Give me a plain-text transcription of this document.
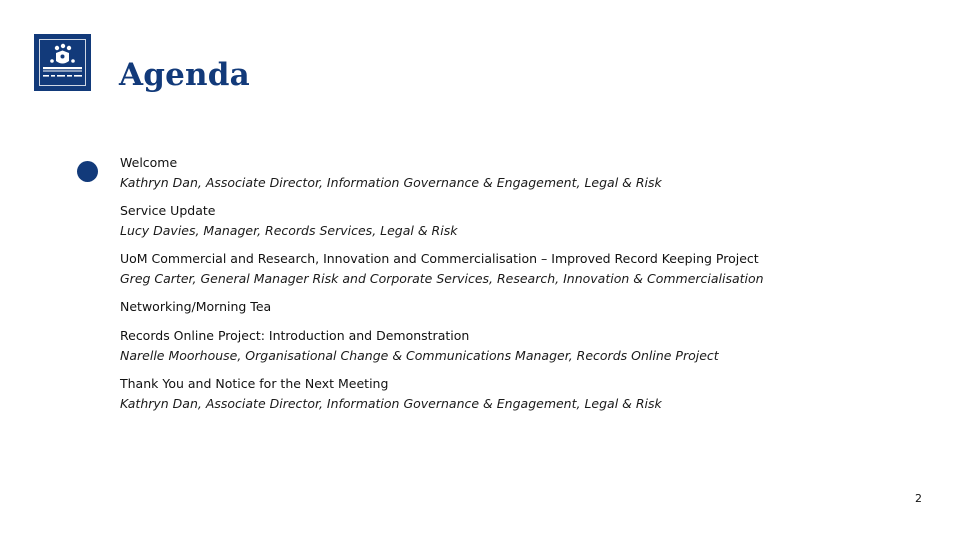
Agenda
Welcome
Kathryn Dan, Associate Director, Information Governance & Engagement, Legal & Risk
Service Update
Lucy Davies, Manager, Records Services, Legal & Risk
UoM Commercial and Research, Innovation and Commercialisation – Improved Record Keeping Project
Greg Carter, General Manager Risk and Corporate Services, Research, Innovation & Commercialisation
Networking/Morning Tea
Records Online Project: Introduction and Demonstration
Narelle Moorhouse, Organisational Change & Communications Manager, Records Online Project
Thank You and Notice for the Next Meeting
Kathryn Dan, Associate Director, Information Governance & Engagement, Legal & Risk
2
